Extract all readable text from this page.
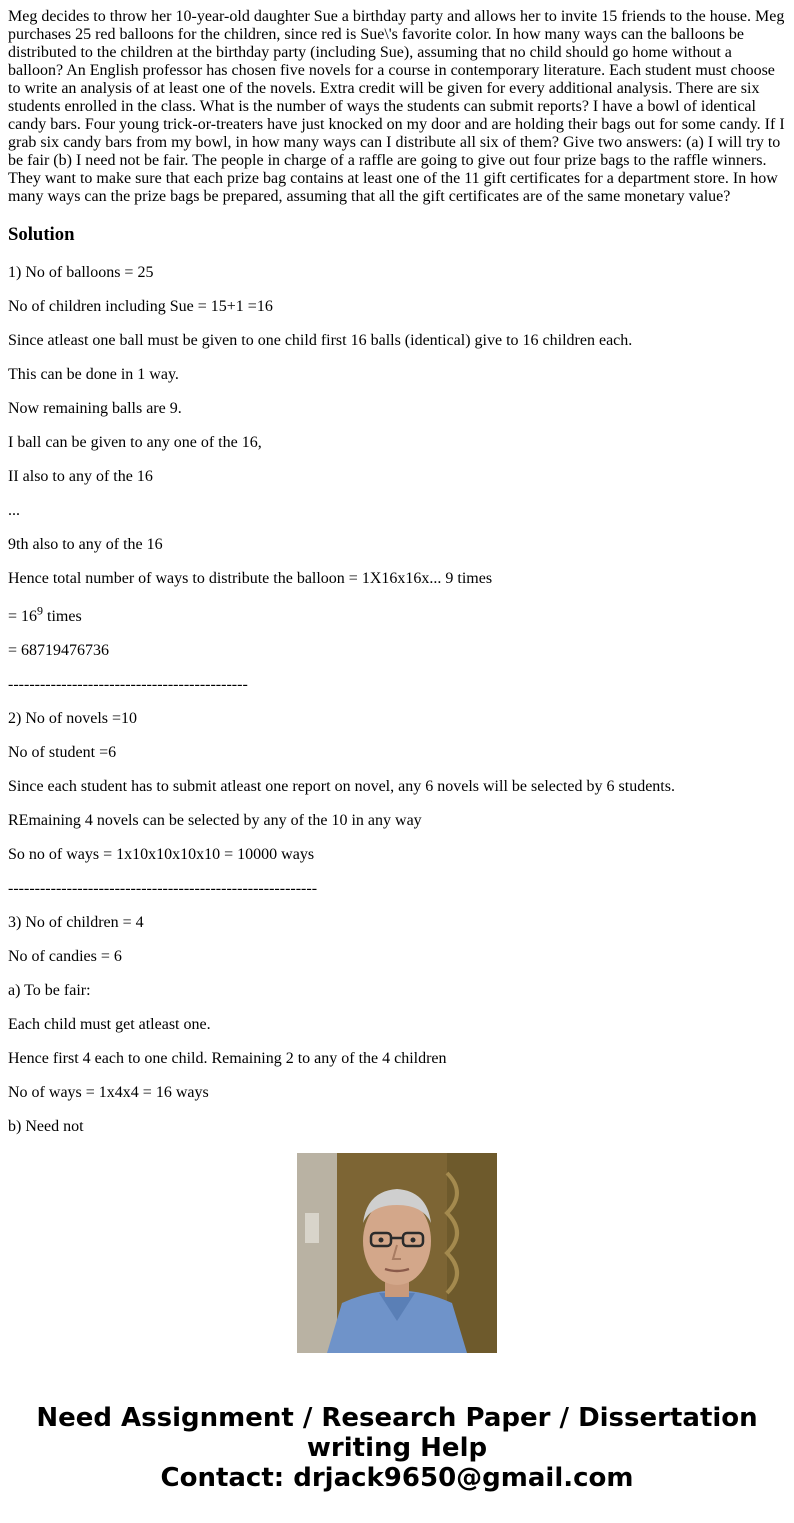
Meg decides to throw her 10-year-old daughter Sue a birthday party and allows her to invite 15 friends to the house. Meg purchases 25 red balloons for the children, since red is Sue\'s favorite color. In how many ways can the balloons be distributed to the children at the birthday party (including Sue), assuming that no child should go home without a balloon? An English professor has chosen five novels for a course in contemporary literature. Each student must choose to write an analysis of at least one of the novels. Extra credit will be given for every additional analysis. There are six students enrolled in the class. What is the number of ways the students can submit reports? I have a bowl of identical candy bars. Four young trick-or-treaters have just knocked on my door and are holding their bags out for some candy. If I grab six candy bars from my bowl, in how many ways can I distribute all six of them? Give two answers: (a) I will try to be fair (b) I need not be fair. The people in charge of a raffle are going to give out four prize bags to the raffle winners. They want to make sure that each prize bag contains at least one of the 11 gift certificates for a department store. In how many ways can the prize bags be prepared, assuming that all the gift certificates are of the same monetary value?

Solution

1) No of balloons = 25

No of children including Sue = 15+1 =16

Since atleast one ball must be given to one child first 16 balls (identical) give to 16 children each.

This can be done in 1 way.

Now remaining balls are 9.

I ball can be given to any one of the 16,

II also to any of the 16

...

9th also to any of the 16

Hence total number of ways to distribute the balloon = 1X16x16x... 9 times

= $16^9$ times

= 68719476736

---------------------------------------------

2) No of novels =10

No of student =6

Since each student has to submit atleast one report on novel, any 6 novels will be selected by 6 students.

REmaining 4 novels can be selected by any of the 10 in any way

So no of ways = 1x10x10x10x10 = 10000 ways

----------------------------------------------------------

3) No of children = 4

No of candies = 6

a) To be fair:

Each child must get atleast one.

Hence first 4 each to one child. Remaining 2 to any of the 4 children

No of ways = 1x4x4 = 16 ways

b) Need not

Need Assignment / Research Paper / Dissertation
writing Help
Contact: drjack9650@gmail.com
